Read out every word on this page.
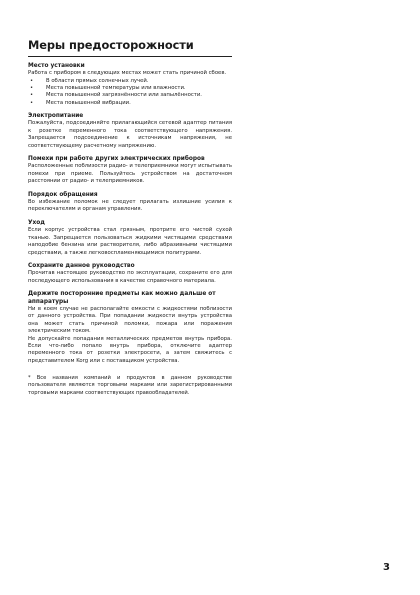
Меры предосторожности

Место установки

Работа с прибором в следующих местах может стать причиной сбоев.

• В области прямых солнечных лучей.
• Места повышенной температуры или влажности.
• Места повышенной загрязнённости или запылённости.
• Места повышенной вибрации.

Электропитание

Пожалуйста, подсоединяйте прилагающийся сетевой адаптер питания к розетке переменного тока соответствующего напряжения. Запрещается подсоединение к источникам напряжения, не соответствующему расчетному напряжению.

Помехи при работе других электрических приборов

Расположенные поблизости радио- и телеприемники могут испытывать помехи при приеме. Пользуйтесь устройством на достаточном расстоянии от радио- и телеприемников.

Порядок обращения

Во избежание поломок не следует прилагать излишние усилия к переключателям и органам управления.

Уход

Если корпус устройства стал грязным, протрите его чистой сухой тканью. Запрещается пользоваться жидкими чистящими средствами наподобие бензина или растворителя, либо абразивными чистящими средствами, а также легковоспламеняющимися политурами.

Сохраните данное руководство

Прочитав настоящее руководство по эксплуатации, сохраните его для последующего использования в качестве справочного материала.

Держите посторонние предметы как можно дальше от аппаратуры

Ни в коем случае не располагайте емкости с жидкостями поблизости от данного устройства. При попадании жидкости внутрь устройства она может стать причиной поломки, пожара или поражения электрическим током.

Не допускайте попадания металлических предметов внутрь прибора. Если что-либо попало внутрь прибора, отключите адаптер переменного тока от розетки электросети, а затем свяжитесь с представителем Korg или с поставщиком устройства.

* Все названия компаний и продуктов в данном руководстве пользователя являются торговыми марками или зарегистрированными торговыми марками соответствующих правообладателей.

3
